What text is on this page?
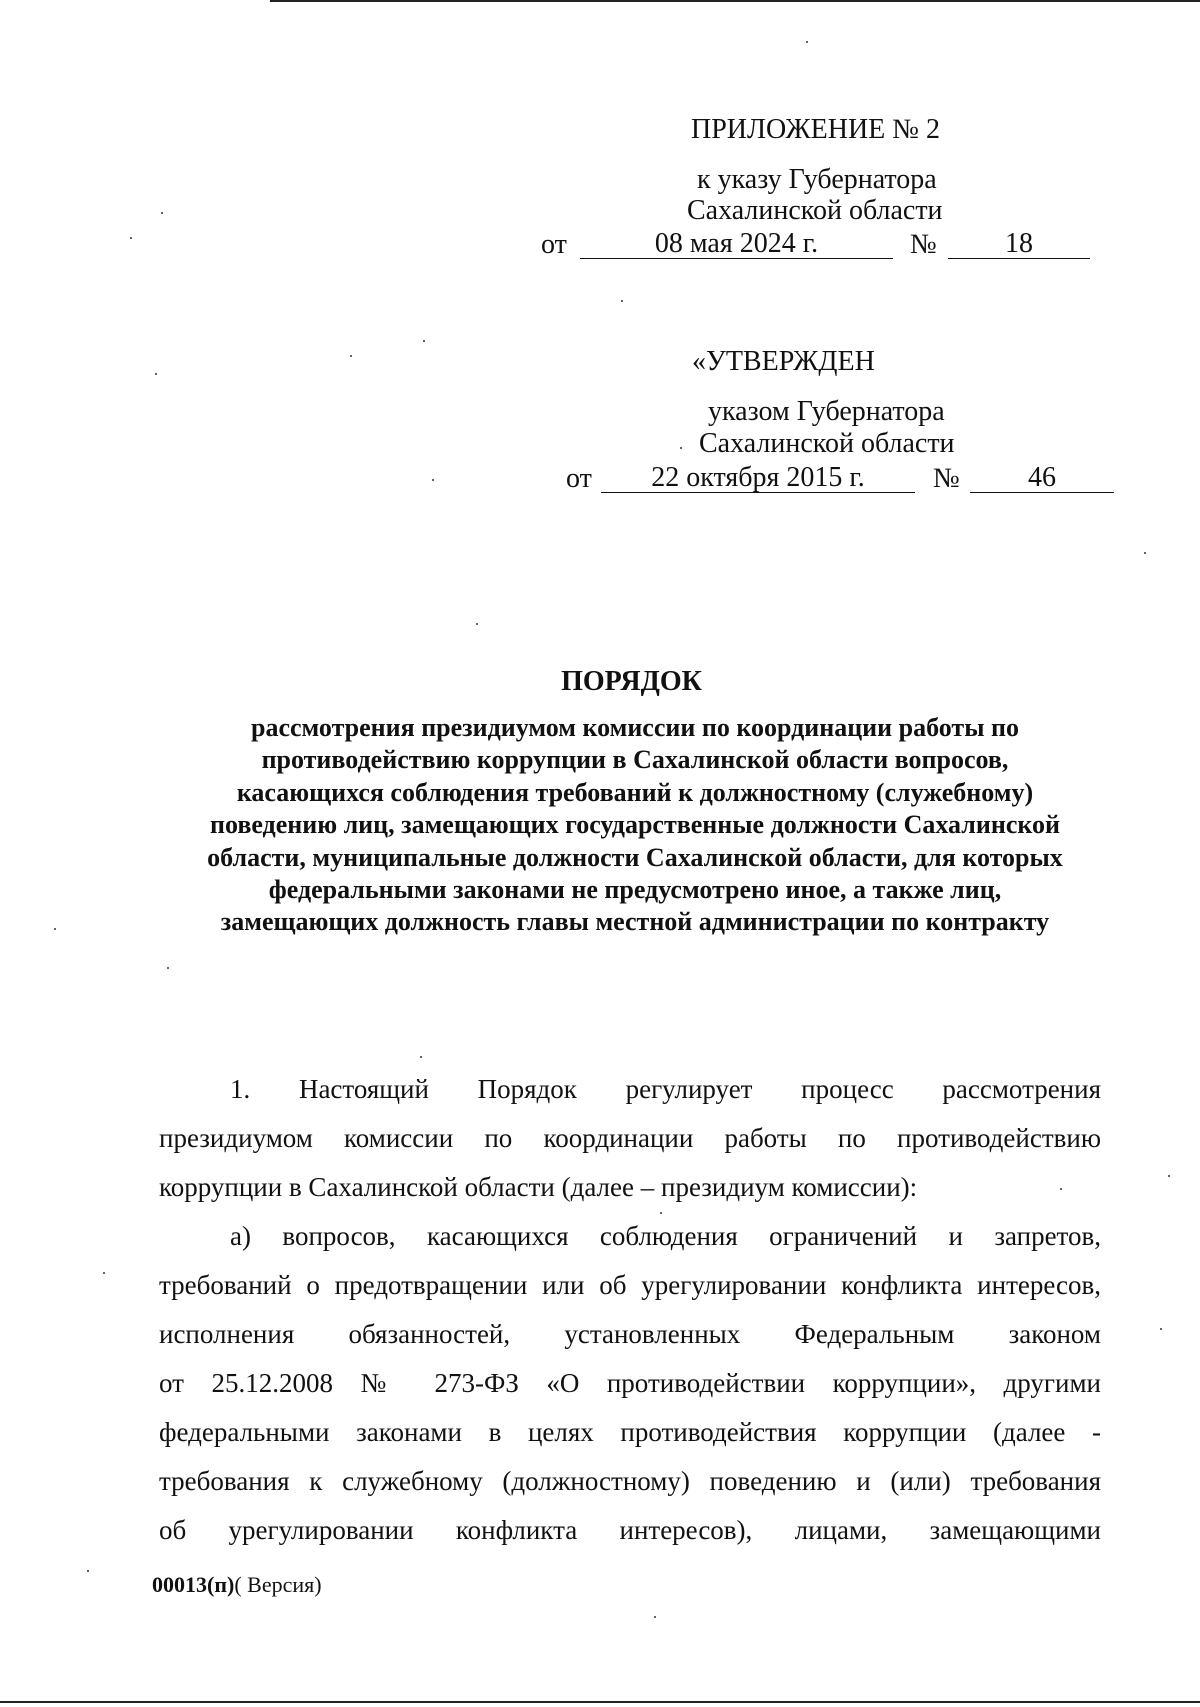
ПРИЛОЖЕНИЕ № 2
к указу Губернатора
Сахалинской области
от	08 мая 2024 г.	№	18
«УТВЕРЖДЕН
указом Губернатора
Сахалинской области
от	22 октября 2015 г.	№	46
ПОРЯДОК
рассмотрения президиумом комиссии по координации работы по
противодействию коррупции в Сахалинской области вопросов,
касающихся соблюдения требований к должностному (служебному)
поведению лиц, замещающих государственные должности Сахалинской
области, муниципальные должности Сахалинской области, для которых
федеральными законами не предусмотрено иное, а также лиц,
замещающих должность главы местной администрации по контракту
1. Настоящий Порядок регулирует процесс рассмотрения
президиумом комиссии по координации работы по противодействию
коррупции в Сахалинской области (далее – президиум комиссии):
а) вопросов, касающихся соблюдения ограничений и запретов,
требований о предотвращении или об урегулировании конфликта интересов,
исполнения обязанностей, установленных Федеральным законом
от 25.12.2008 № 273-ФЗ «О противодействии коррупции», другими
федеральными законами в целях противодействия коррупции (далее -
требования к служебному (должностному) поведению и (или) требования
об урегулировании конфликта интересов), лицами, замещающими
00013(п)( Версия)
